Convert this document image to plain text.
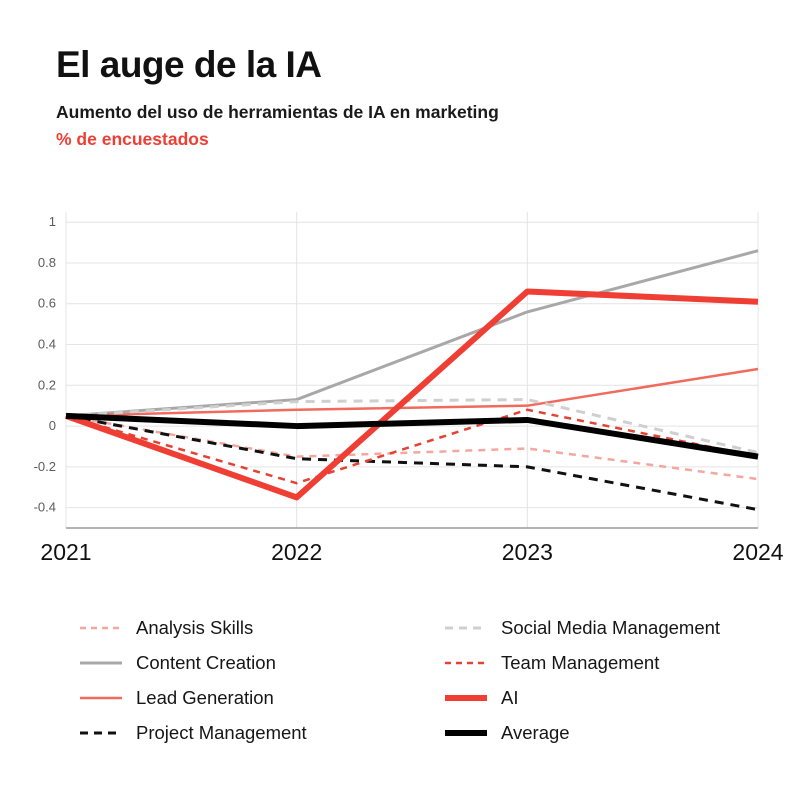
El auge de la IA
Aumento del uso de herramientas de IA en marketing
% de encuestados
-0.4
-0.2
0
0.2
0.4
0.6
0.8
1
2021	2022	2023	2024
Analysis Skills	Social Media Management
Content Creation	Team Management
Lead Generation	AI
Project Management	Average
